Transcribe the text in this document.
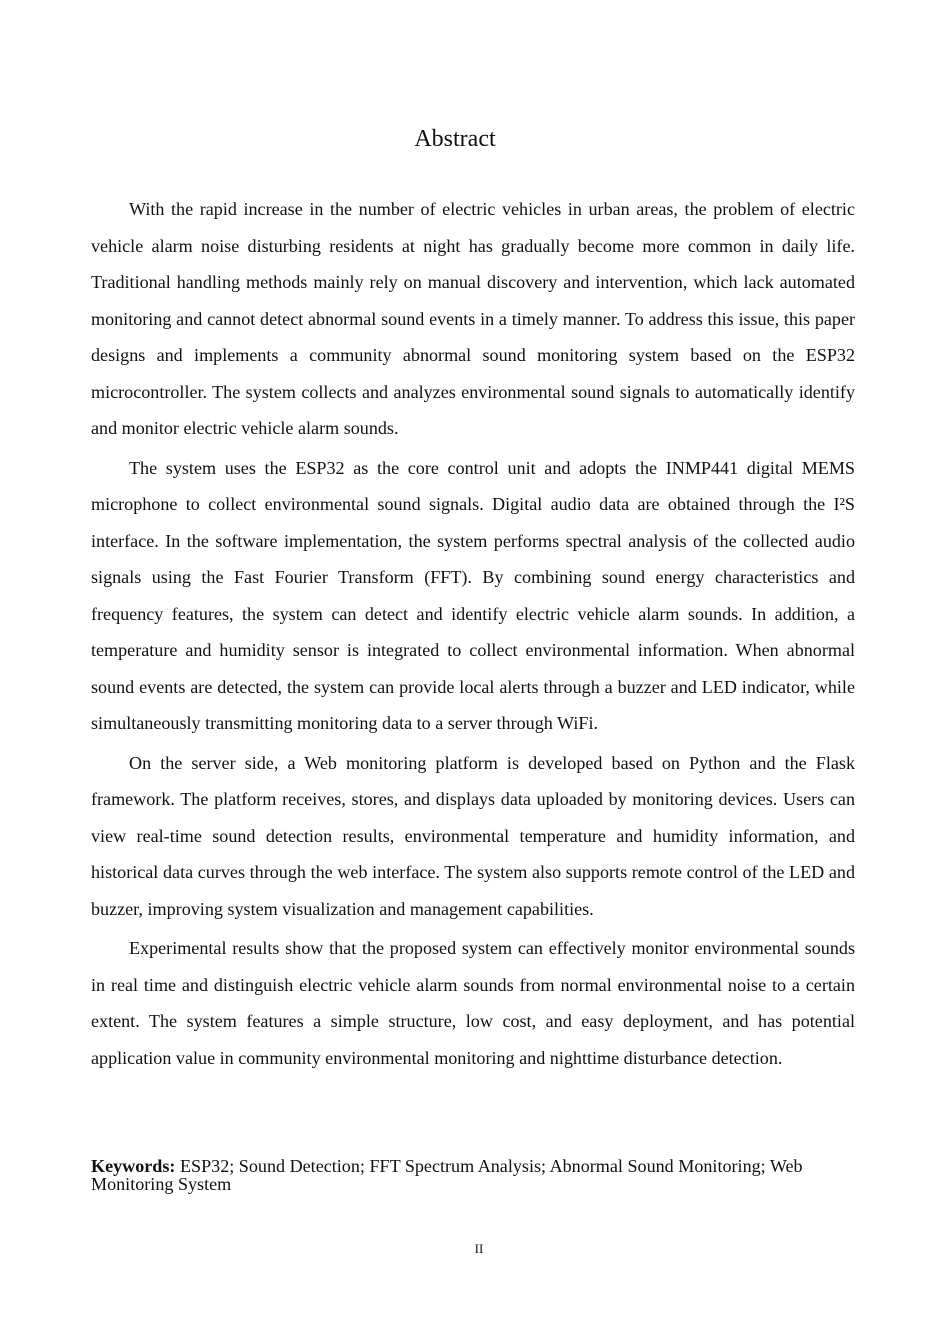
Abstract

With the rapid increase in the number of electric vehicles in urban areas, the problem of electric vehicle alarm noise disturbing residents at night has gradually become more common in daily life. Traditional handling methods mainly rely on manual discovery and intervention, which lack automated monitoring and cannot detect abnormal sound events in a timely manner. To address this issue, this paper designs and implements a community abnormal sound monitoring system based on the ESP32 microcontroller. The system collects and analyzes environmental sound signals to automatically identify and monitor electric vehicle alarm sounds.

The system uses the ESP32 as the core control unit and adopts the INMP441 digital MEMS microphone to collect environmental sound signals. Digital audio data are obtained through the I²S interface. In the software implementation, the system performs spectral analysis of the collected audio signals using the Fast Fourier Transform (FFT). By combining sound energy characteristics and frequency features, the system can detect and identify electric vehicle alarm sounds. In addition, a temperature and humidity sensor is integrated to collect environmental information. When abnormal sound events are detected, the system can provide local alerts through a buzzer and LED indicator, while simultaneously transmitting monitoring data to a server through WiFi.

On the server side, a Web monitoring platform is developed based on Python and the Flask framework. The platform receives, stores, and displays data uploaded by monitoring devices. Users can view real-time sound detection results, environmental temperature and humidity information, and historical data curves through the web interface. The system also supports remote control of the LED and buzzer, improving system visualization and management capabilities.

Experimental results show that the proposed system can effectively monitor environmental sounds in real time and distinguish electric vehicle alarm sounds from normal environmental noise to a certain extent. The system features a simple structure, low cost, and easy deployment, and has potential application value in community environmental monitoring and nighttime disturbance detection.

Keywords: ESP32; Sound Detection; FFT Spectrum Analysis; Abnormal Sound Monitoring; Web Monitoring System
II
